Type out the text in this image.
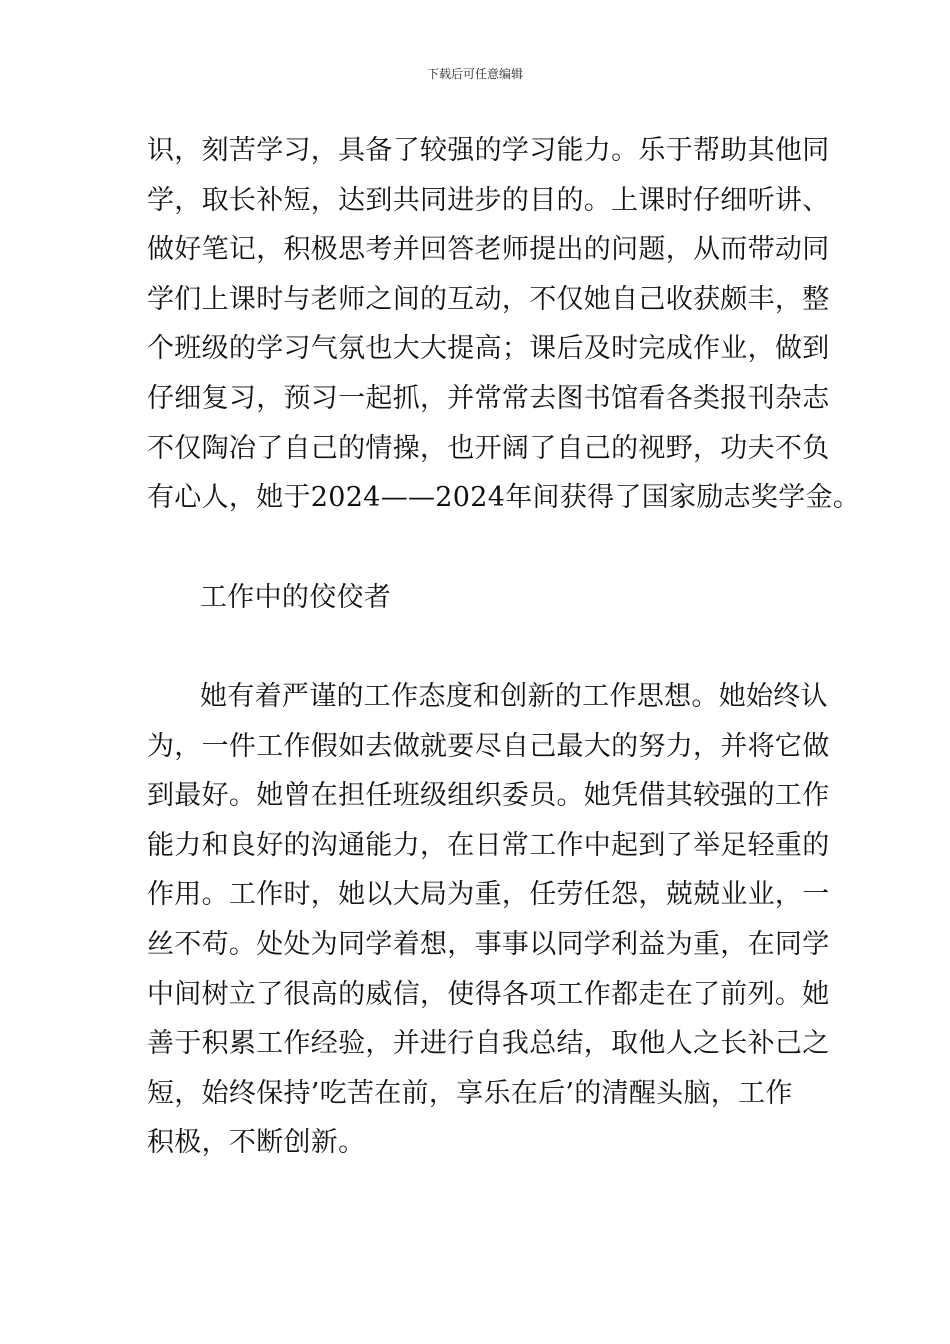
下载后可任意编辑
识，刻苦学习，具备了较强的学习能力。乐于帮助其他同
学，取长补短，达到共同进步的目的。上课时仔细听讲、
做好笔记，积极思考并回答老师提出的问题，从而带动同
学们上课时与老师之间的互动，不仅她自己收获颇丰，整
个班级的学习气氛也大大提高；课后及时完成作业，做到
仔细复习，预习一起抓，并常常去图书馆看各类报刊杂志
不仅陶冶了自己的情操，也开阔了自己的视野，功夫不负
有心人，她于2024——2024年间获得了国家励志奖学金。
工作中的佼佼者
她有着严谨的工作态度和创新的工作思想。她始终认
为，一件工作假如去做就要尽自己最大的努力，并将它做
到最好。她曾在担任班级组织委员。她凭借其较强的工作
能力和良好的沟通能力，在日常工作中起到了举足轻重的
作用。工作时，她以大局为重，任劳任怨，兢兢业业，一
丝不苟。处处为同学着想，事事以同学利益为重，在同学
中间树立了很高的威信，使得各项工作都走在了前列。她
善于积累工作经验，并进行自我总结，取他人之长补己之
短，始终保持’吃苦在前，享乐在后’的清醒头脑，工作
积极，不断创新。
